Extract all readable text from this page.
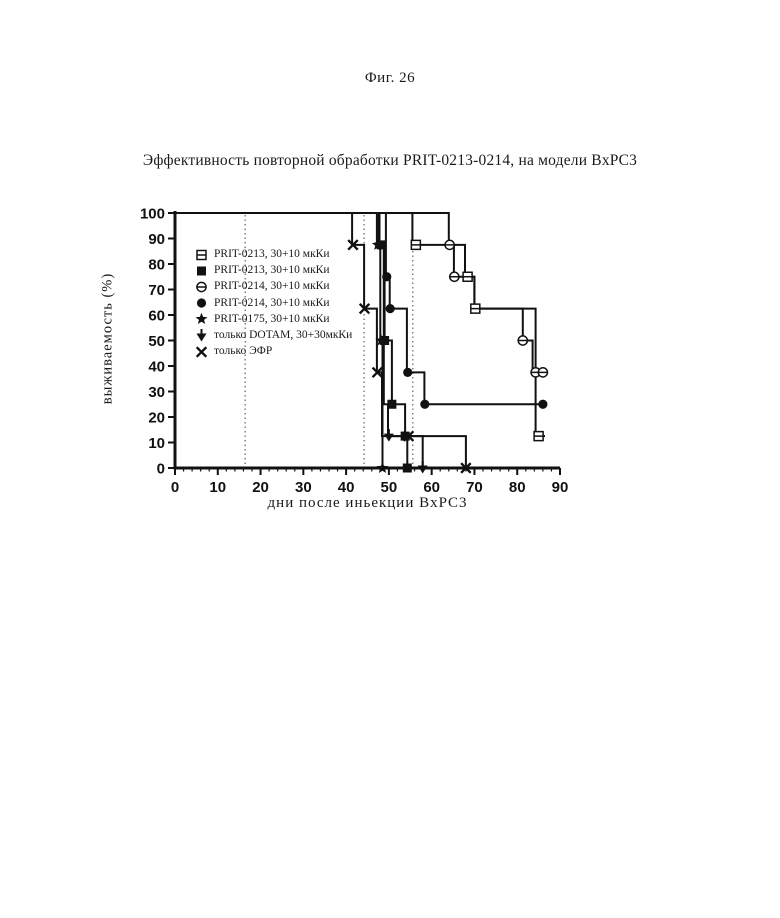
Фиг. 26
Эффективность повторной обработки PRIT-0213-0214, на модели BxPC3
выживаемость (%)
0
10
20
30
40
50
60
70
80
90
100
0 10 20 30 40 50 60 70 80 90
PRIT-0213, 30+10 мкКи
PRIT-0213, 30+10 мкКи
PRIT-0214, 30+10 мкКи
PRIT-0214, 30+10 мкКи
PRIT-0175, 30+10 мкКи
только DOTAM, 30+30мкКи
только ЭФР
дни после иньекции BxPC3
